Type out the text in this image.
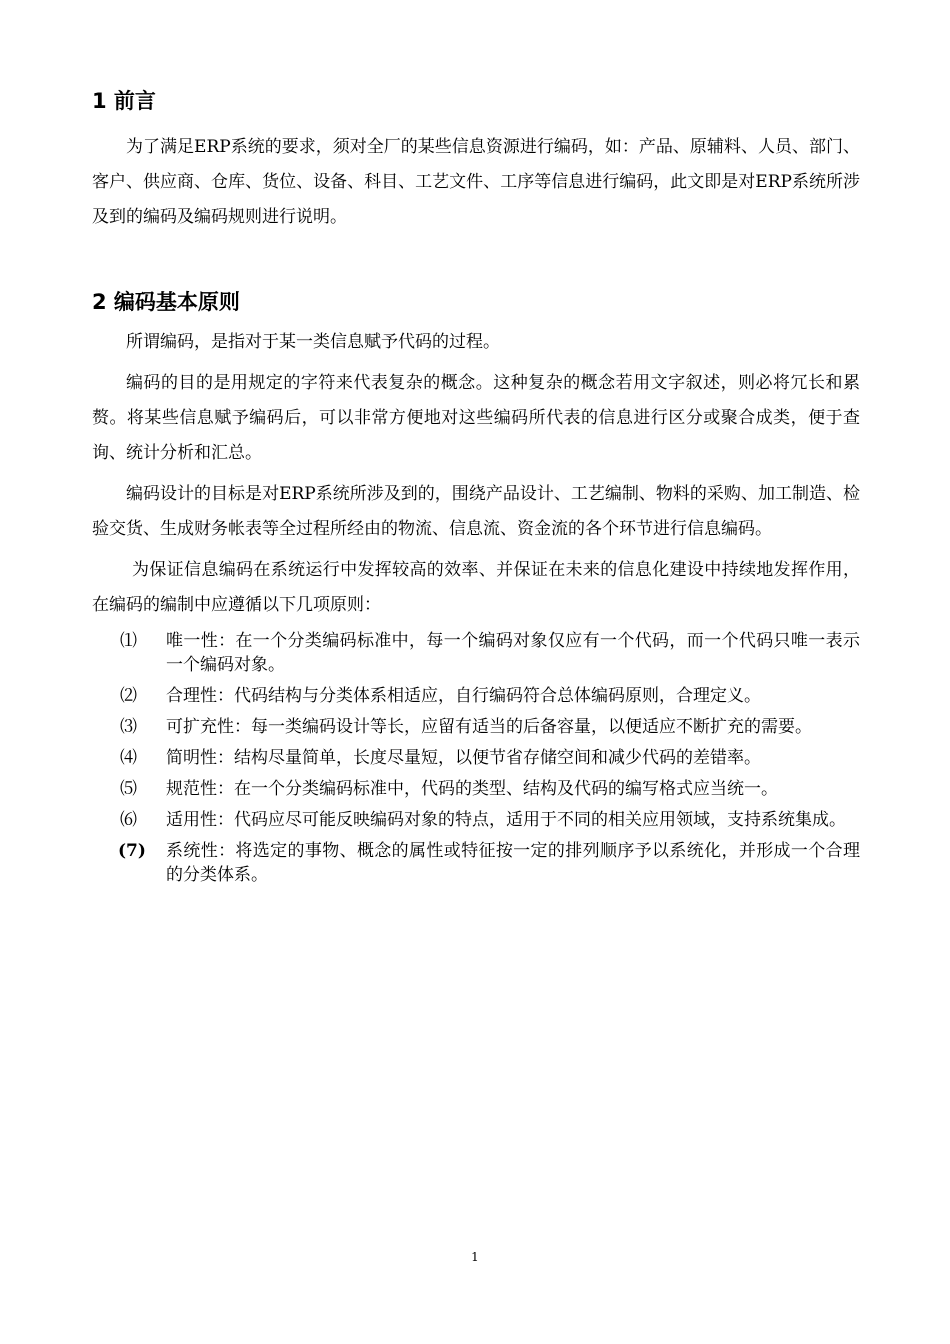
1 前言

为了满足ERP系统的要求，须对全厂的某些信息资源进行编码，如：产品、原辅料、人员、部门、客户、供应商、仓库、货位、设备、科目、工艺文件、工序等信息进行编码，此文即是对ERP系统所涉及到的编码及编码规则进行说明。

2 编码基本原则

所谓编码，是指对于某一类信息赋予代码的过程。

编码的目的是用规定的字符来代表复杂的概念。这种复杂的概念若用文字叙述，则必将冗长和累赘。将某些信息赋予编码后，可以非常方便地对这些编码所代表的信息进行区分或聚合成类，便于查询、统计分析和汇总。

编码设计的目标是对ERP系统所涉及到的，围绕产品设计、工艺编制、物料的采购、加工制造、检验交货、生成财务帐表等全过程所经由的物流、信息流、资金流的各个环节进行信息编码。

为保证信息编码在系统运行中发挥较高的效率、并保证在未来的信息化建设中持续地发挥作用，在编码的编制中应遵循以下几项原则：

⑴ 唯一性：在一个分类编码标准中，每一个编码对象仅应有一个代码，而一个代码只唯一表示一个编码对象。
⑵ 合理性：代码结构与分类体系相适应，自行编码符合总体编码原则，合理定义。
⑶ 可扩充性：每一类编码设计等长，应留有适当的后备容量，以便适应不断扩充的需要。
⑷ 简明性：结构尽量简单，长度尽量短，以便节省存储空间和减少代码的差错率。
⑸ 规范性：在一个分类编码标准中，代码的类型、结构及代码的编写格式应当统一。
⑹ 适用性：代码应尽可能反映编码对象的特点，适用于不同的相关应用领域，支持系统集成。
(7) 系统性：将选定的事物、概念的属性或特征按一定的排列顺序予以系统化，并形成一个合理的分类体系。
1
